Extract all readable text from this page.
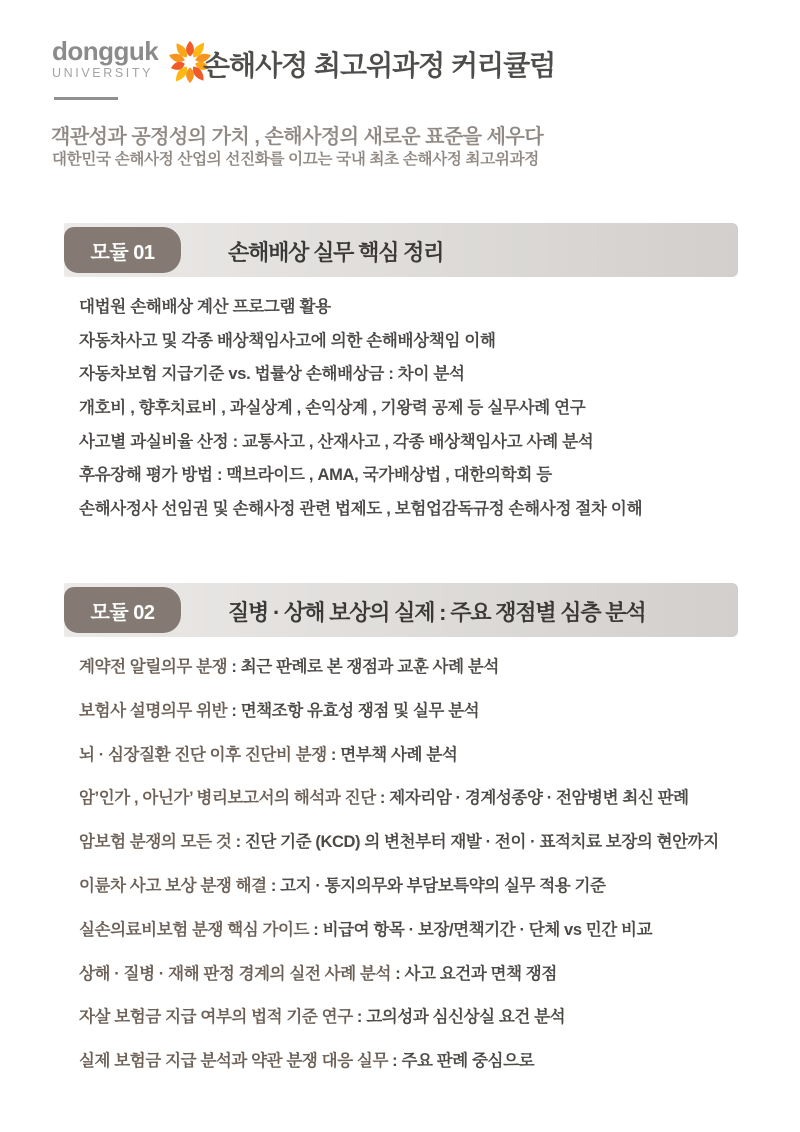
dongguk
UNIVERSITY 손해사정 최고위과정 커리큘럼
객관성과 공정성의 가치 , 손해사정의 새로운 표준을 세우다
대한민국 손해사정 산업의 선진화를 이끄는 국내 최초 손해사정 최고위과정
모듈 01	손해배상 실무 핵심 정리
대법원 손해배상 계산 프로그램 활용
자동차사고 및 각종 배상책임사고에 의한 손해배상책임 이해
자동차보험 지급기준 vs. 법률상 손해배상금 : 차이 분석
개호비 , 향후치료비 , 과실상계 , 손익상계 , 기왕력 공제 등 실무사례 연구
사고별 과실비율 산정 : 교통사고 , 산재사고 , 각종 배상책임사고 사례 분석
후유장해 평가 방법 : 맥브라이드 , AMA, 국가배상법 , 대한의학회 등
손해사정사 선임권 및 손해사정 관련 법제도 , 보험업감독규정 손해사정 절차 이해
모듈 02	질병 · 상해 보상의 실제 : 주요 쟁점별 심층 분석
계약전 알릴의무 분쟁 : 최근 판례로 본 쟁점과 교훈 사례 분석
보험사 설명의무 위반 : 면책조항 유효성 쟁점 및 실무 분석
뇌 · 심장질환 진단 이후 진단비 분쟁 : 면부책 사례 분석
암’인가 , 아닌가’ 병리보고서의 해석과 진단 : 제자리암 · 경계성종양 · 전암병변 최신 판례
암보험 분쟁의 모든 것 : 진단 기준 (KCD) 의 변천부터 재발 · 전이 · 표적치료 보장의 현안까지
이륜차 사고 보상 분쟁 해결 : 고지 · 통지의무와 부담보특약의 실무 적용 기준
실손의료비보험 분쟁 핵심 가이드 : 비급여 항목 · 보장/면책기간 · 단체 vs 민간 비교
상해 · 질병 · 재해 판정 경계의 실전 사례 분석 : 사고 요건과 면책 쟁점
자살 보험금 지급 여부의 법적 기준 연구 : 고의성과 심신상실 요건 분석
실제 보험금 지급 분석과 약관 분쟁 대응 실무 : 주요 판례 중심으로
